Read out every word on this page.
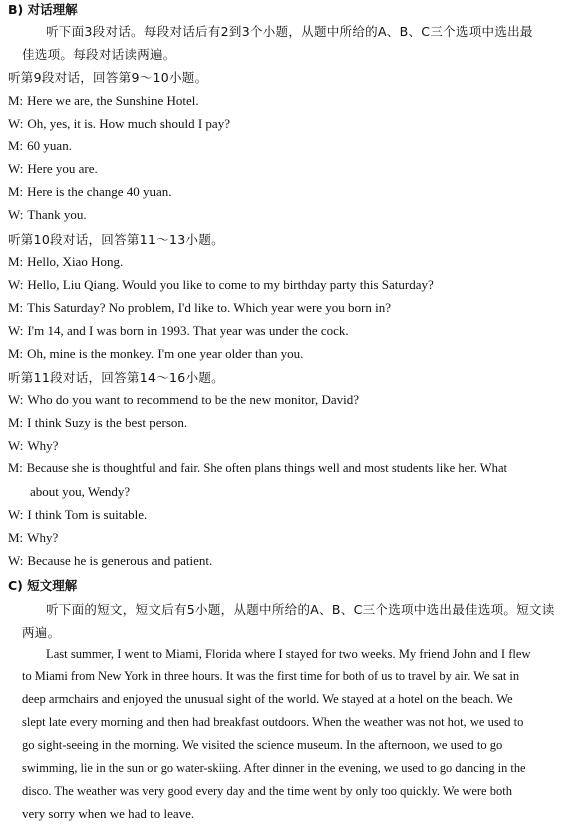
B) 对话理解
听下面3段对话。每段对话后有2到3个小题，从题中所给的A、B、C三个选项中选出最
佳选项。每段对话读两遍。
听第9段对话，回答第9～10小题。
M: Here we are, the Sunshine Hotel.
W: Oh, yes, it is. How much should I pay?
M: 60 yuan.
W: Here you are.
M: Here is the change 40 yuan.
W: Thank you.
听第10段对话，回答第11～13小题。
M: Hello, Xiao Hong.
W: Hello, Liu Qiang. Would you like to come to my birthday party this Saturday?
M: This Saturday? No problem, I'd like to. Which year were you born in?
W: I'm 14, and I was born in 1993. That year was under the cock.
M: Oh, mine is the monkey. I'm one year older than you.
听第11段对话，回答第14～16小题。
W: Who do you want to recommend to be the new monitor, David?
M: I think Suzy is the best person.
W: Why?
M: Because she is thoughtful and fair. She often plans things well and most students like her. What
about you, Wendy?
W: I think Tom is suitable.
M: Why?
W: Because he is generous and patient.
C) 短文理解
听下面的短文，短文后有5小题，从题中所给的A、B、C三个选项中选出最佳选项。短文读
两遍。
Last summer, I went to Miami, Florida where I stayed for two weeks. My friend John and I flew
to Miami from New York in three hours. It was the first time for both of us to travel by air. We sat in
deep armchairs and enjoyed the unusual sight of the world. We stayed at a hotel on the beach. We
slept late every morning and then had breakfast outdoors. When the weather was not hot, we used to
go sight-seeing in the morning. We visited the science museum. In the afternoon, we used to go
swimming, lie in the sun or go water-skiing. After dinner in the evening, we used to go dancing in the
disco. The weather was very good every day and the time went by only too quickly. We were both
very sorry when we had to leave.
